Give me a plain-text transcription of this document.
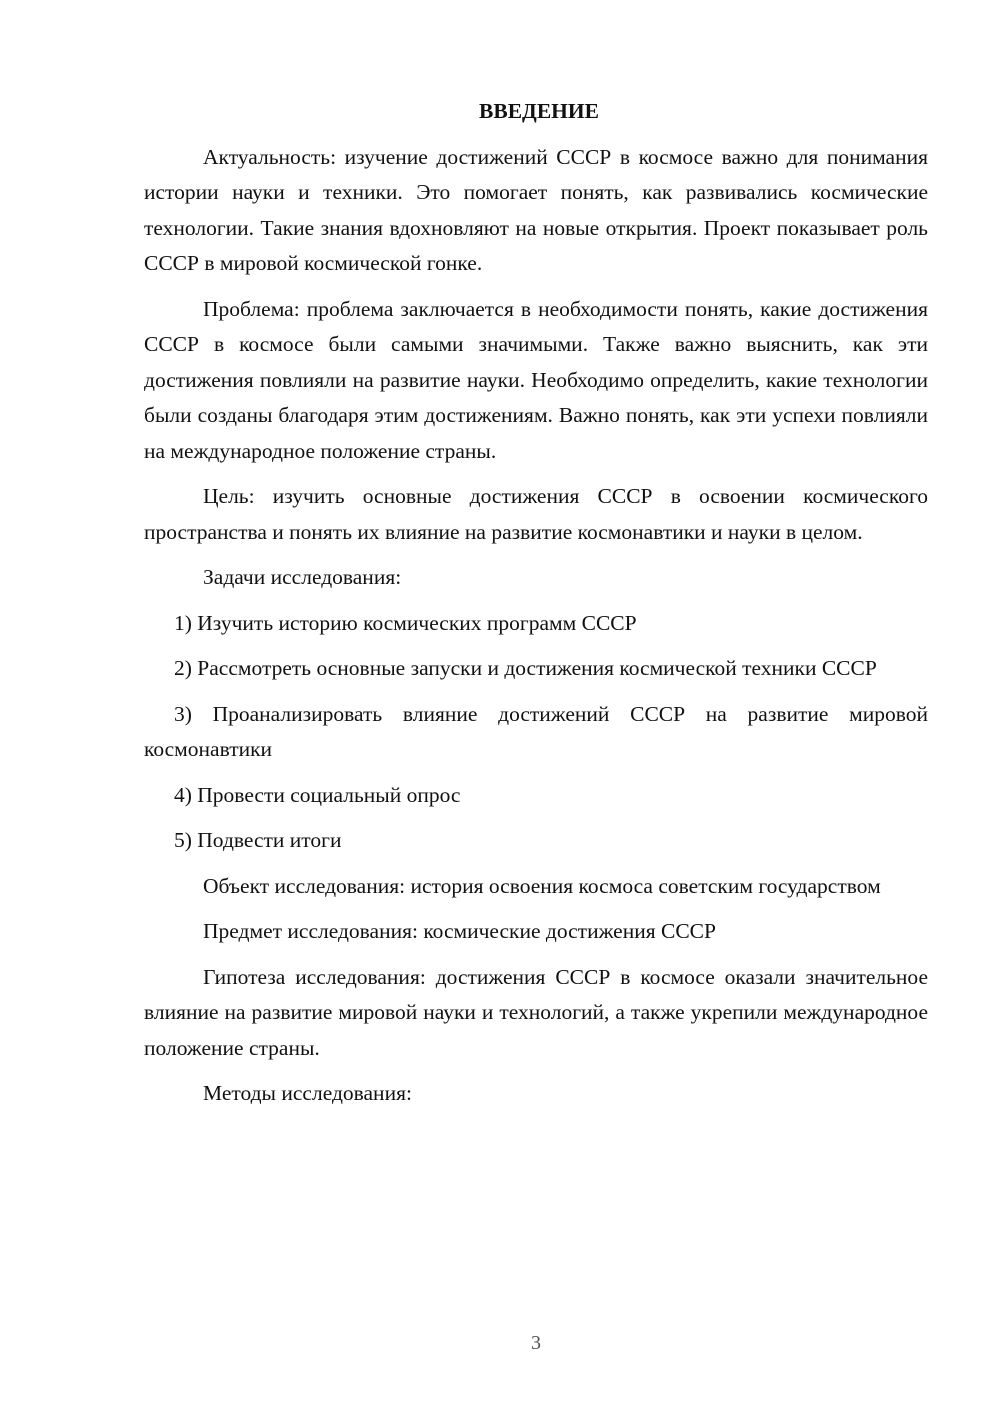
ВВЕДЕНИЕ

Актуальность: изучение достижений СССР в космосе важно для понимания истории науки и техники. Это помогает понять, как развивались космические технологии. Такие знания вдохновляют на новые открытия. Проект показывает роль СССР в мировой космической гонке.

Проблема: проблема заключается в необходимости понять, какие достижения СССР в космосе были самыми значимыми. Также важно выяснить, как эти достижения повлияли на развитие науки. Необходимо определить, какие технологии были созданы благодаря этим достижениям. Важно понять, как эти успехи повлияли на международное положение страны.

Цель: изучить основные достижения СССР в освоении космического пространства и понять их влияние на развитие космонавтики и науки в целом.

Задачи исследования:

1) Изучить историю космических программ СССР

2) Рассмотреть основные запуски и достижения космической техники СССР

3) Проанализировать влияние достижений СССР на развитие мировой космонавтики

4) Провести социальный опрос

5) Подвести итоги

Объект исследования: история освоения космоса советским государством

Предмет исследования: космические достижения СССР

Гипотеза исследования: достижения СССР в космосе оказали значительное влияние на развитие мировой науки и технологий, а также укрепили международное положение страны.

Методы исследования:

3
